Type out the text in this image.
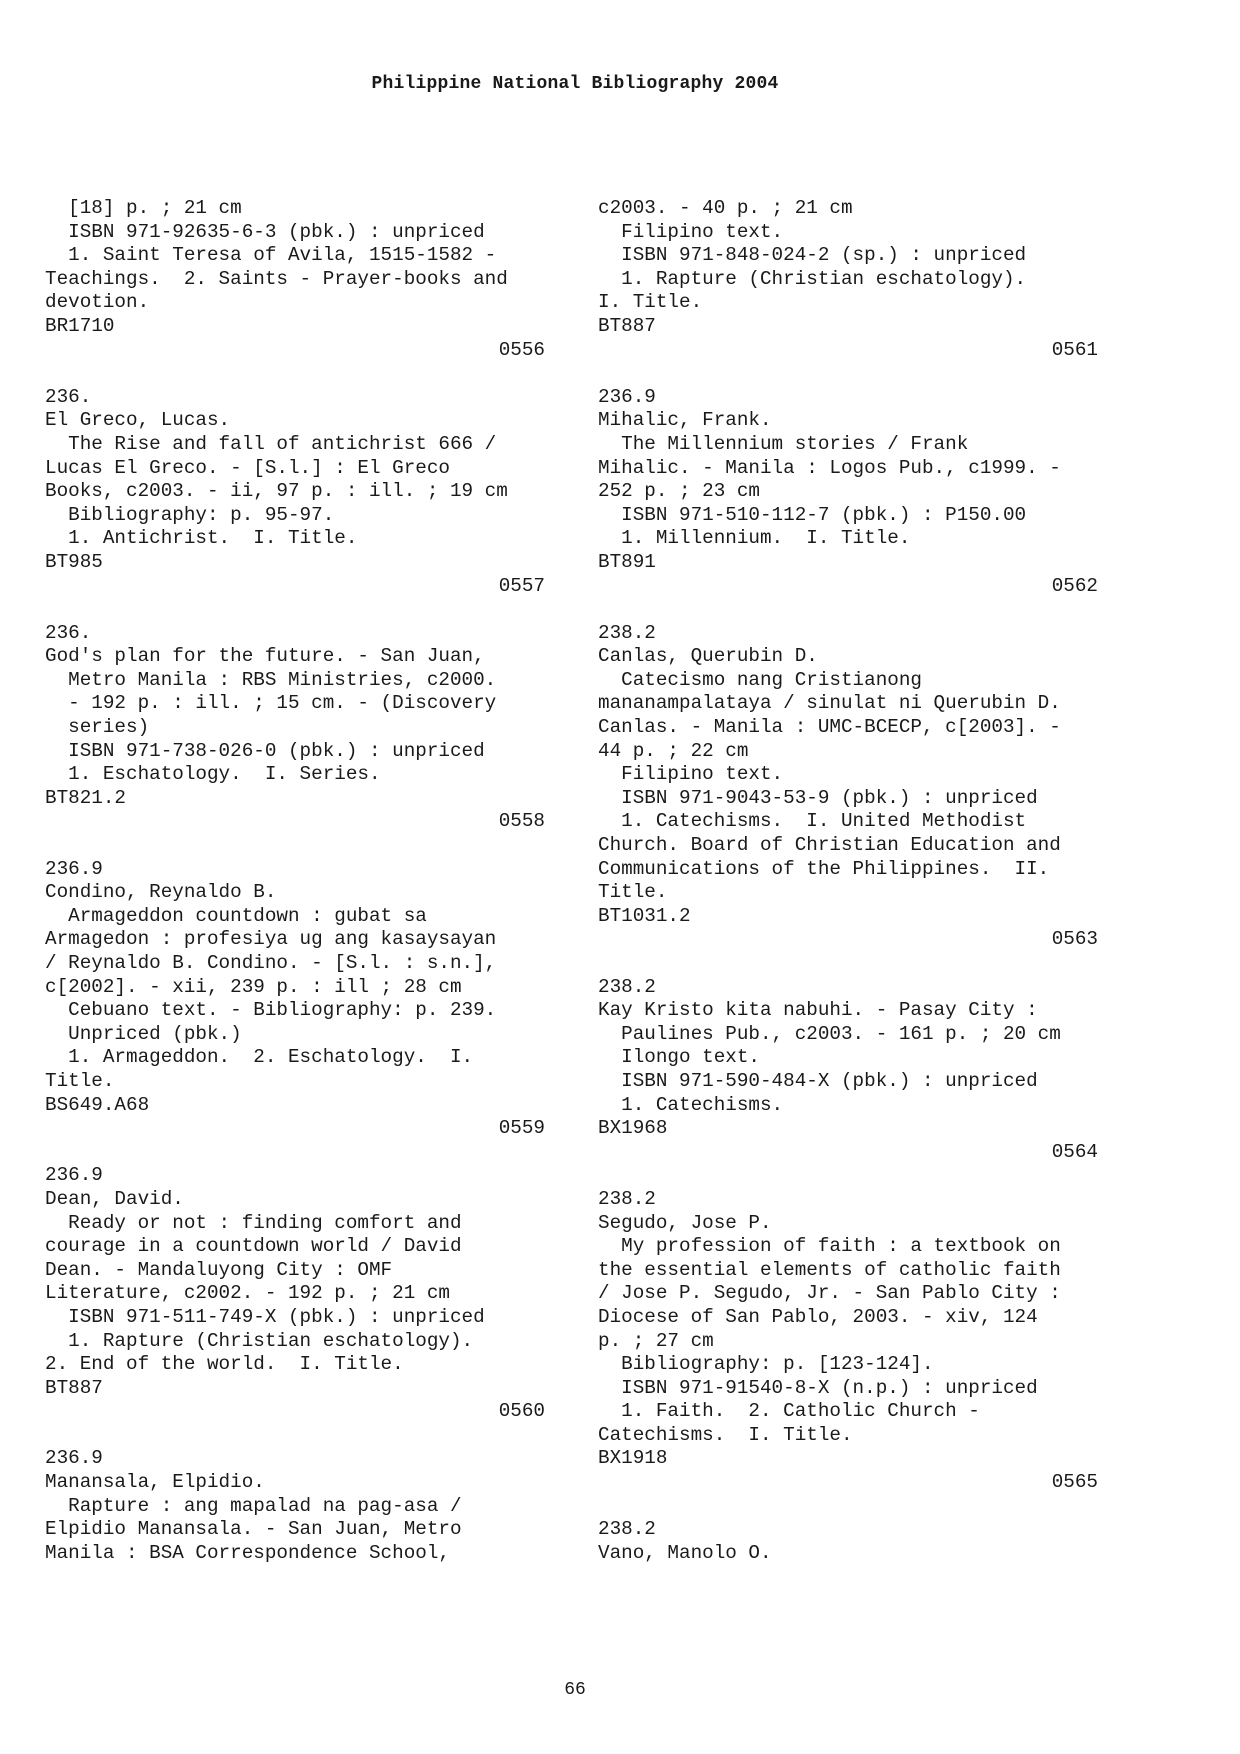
Philippine National Bibliography 2004
[18] p. ; 21 cm
ISBN 971-92635-6-3 (pbk.) : unpriced
1. Saint Teresa of Avila, 1515-1582 -
Teachings.  2. Saints - Prayer-books and
devotion.
BR1710
0556
236.
El Greco, Lucas.
The Rise and fall of antichrist 666 /
Lucas El Greco. - [S.l.] : El Greco
Books, c2003. - ii, 97 p. : ill. ; 19 cm
Bibliography: p. 95-97.
1. Antichrist.  I. Title.
BT985
0557
236.
God's plan for the future. - San Juan,
Metro Manila : RBS Ministries, c2000.
- 192 p. : ill. ; 15 cm. - (Discovery
series)
ISBN 971-738-026-0 (pbk.) : unpriced
1. Eschatology.  I. Series.
BT821.2
0558
236.9
Condino, Reynaldo B.
Armageddon countdown : gubat sa
Armagedon : profesiya ug ang kasaysayan
/ Reynaldo B. Condino. - [S.l. : s.n.],
c[2002]. - xii, 239 p. : ill ; 28 cm
Cebuano text. - Bibliography: p. 239.
Unpriced (pbk.)
1. Armageddon.  2. Eschatology.  I.
Title.
BS649.A68
0559
236.9
Dean, David.
Ready or not : finding comfort and
courage in a countdown world / David
Dean. - Mandaluyong City : OMF
Literature, c2002. - 192 p. ; 21 cm
ISBN 971-511-749-X (pbk.) : unpriced
1. Rapture (Christian eschatology).
2. End of the world.  I. Title.
BT887
0560
236.9
Manansala, Elpidio.
Rapture : ang mapalad na pag-asa /
Elpidio Manansala. - San Juan, Metro
Manila : BSA Correspondence School,
c2003. - 40 p. ; 21 cm
Filipino text.
ISBN 971-848-024-2 (sp.) : unpriced
1. Rapture (Christian eschatology).
I. Title.
BT887
0561
236.9
Mihalic, Frank.
The Millennium stories / Frank
Mihalic. - Manila : Logos Pub., c1999. -
252 p. ; 23 cm
ISBN 971-510-112-7 (pbk.) : P150.00
1. Millennium.  I. Title.
BT891
0562
238.2
Canlas, Querubin D.
Catecismo nang Cristianong
mananampalataya / sinulat ni Querubin D.
Canlas. - Manila : UMC-BCECP, c[2003]. -
44 p. ; 22 cm
Filipino text.
ISBN 971-9043-53-9 (pbk.) : unpriced
1. Catechisms.  I. United Methodist
Church. Board of Christian Education and
Communications of the Philippines.  II.
Title.
BT1031.2
0563
238.2
Kay Kristo kita nabuhi. - Pasay City :
Paulines Pub., c2003. - 161 p. ; 20 cm
Ilongo text.
ISBN 971-590-484-X (pbk.) : unpriced
1. Catechisms.
BX1968
0564
238.2
Segudo, Jose P.
My profession of faith : a textbook on
the essential elements of catholic faith
/ Jose P. Segudo, Jr. - San Pablo City :
Diocese of San Pablo, 2003. - xiv, 124
p. ; 27 cm
Bibliography: p. [123-124].
ISBN 971-91540-8-X (n.p.) : unpriced
1. Faith.  2. Catholic Church -
Catechisms.  I. Title.
BX1918
0565
238.2
Vano, Manolo O.
66
